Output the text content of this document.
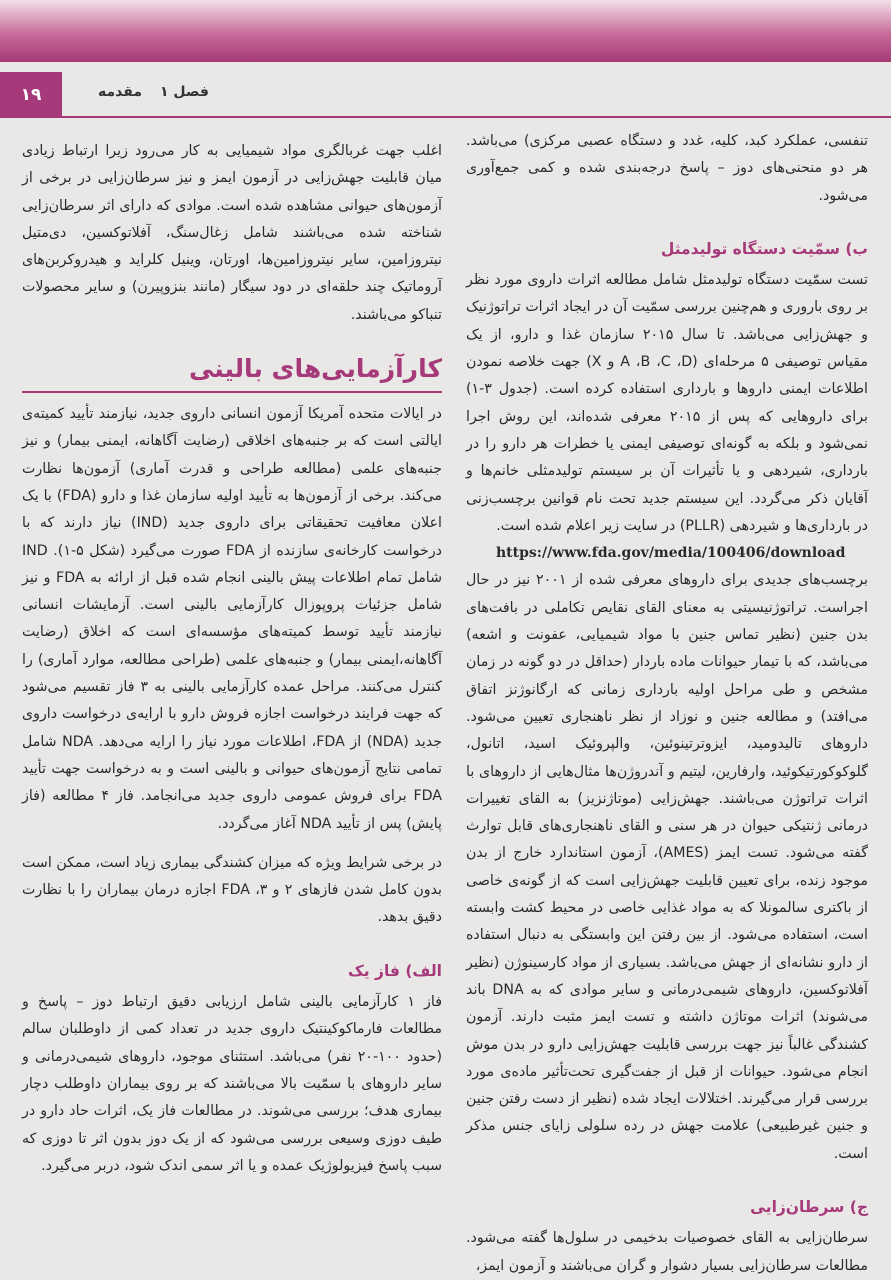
۱۹	فصل ۱مقدمه

تنفسی، عملکرد کبد، کلیه، غدد و دستگاه عصبی مرکزی) می‌باشد. هر دو منحنی‌های دوز – پاسخ درجه‌بندی شده و کمی جمع‌آوری می‌شود.

ب) سمّیت دستگاه تولیدمثل

تست سمّیت دستگاه تولیدمثل شامل مطالعه اثرات داروی مورد نظر بر روی باروری و هم‌چنین بررسی سمّیت آن در ایجاد اثرات تراتوژنیک و جهش‌زایی می‌باشد. تا سال ۲۰۱۵ سازمان غذا و دارو، از یک مقیاس توصیفی ۵ مرحله‌ای (A ،B ،C ،D و X) جهت خلاصه نمودن اطلاعات ایمنی داروها و بارداری استفاده کرده است. (جدول ۳-۱) برای داروهایی که پس از ۲۰۱۵ معرفی شده‌اند، این روش اجرا نمی‌شود و بلکه به گونه‌ای توصیفی ایمنی یا خطرات هر دارو را در بارداری، شیردهی و یا تأثیرات آن بر سیستم تولیدمثلی خانم‌ها و آقایان ذکر می‌گردد. این سیستم جدید تحت نام قوانین برچسب‌زنی در بارداری‌ها و شیردهی (PLLR) در سایت زیر اعلام شده است.

https://www.fda.gov/media/100406/download

برچسب‌های جدیدی برای داروهای معرفی شده از ۲۰۰۱ نیز در حال اجراست. تراتوژنیسیتی به معنای القای نقایص تکاملی در بافت‌های بدن جنین (نظیر تماس جنین با مواد شیمیایی، عفونت و اشعه) می‌باشد، که با تیمار حیوانات ماده باردار (حداقل در دو گونه در زمان مشخص و طی مراحل اولیه بارداری زمانی که ارگانوژنز اتفاق می‌افتد) و مطالعه جنین و نوزاد از نظر ناهنجاری تعیین می‌شود. داروهای تالیدومید، ایزوترتینوئین، والپروئیک اسید، اتانول، گلوکوکورتیکوئید، وارفارین، لیتیم و آندروژن‌ها مثال‌هایی از داروهای با اثرات تراتوژن می‌باشند. جهش‌زایی (موتاژنزیز) به القای تغییرات درمانی ژنتیکی حیوان در هر سنی و القای ناهنجاری‌های قابل توارث گفته می‌شود. تست ایمز (AMES)، آزمون استاندارد خارج از بدن موجود زنده، برای تعیین قابلیت جهش‌زایی است که از گونه‌ی خاصی از باکتری سالمونلا که به مواد غذایی خاصی در محیط کشت وابسته است، استفاده می‌شود. از بین رفتن این وابستگی به دنبال استفاده از دارو نشانه‌ای از جهش می‌باشد. بسیاری از مواد کارسینوژن (نظیر آفلاتوکسین، داروهای شیمی‌درمانی و سایر موادی که به DNA باند می‌شوند) اثرات موتاژن داشته و تست ایمز مثبت دارند. آزمون کشندگی غالباً نیز جهت بررسی قابلیت جهش‌زایی دارو در بدن موش انجام می‌شود. حیوانات از قبل از جفت‌گیری تحت‌تأثیر ماده‌ی مورد بررسی قرار می‌گیرند. اختلالات ایجاد شده (نظیر از دست رفتن جنین و جنین غیرطبیعی) علامت جهش در رده سلولی زایای جنس مذکر است.

ج) سرطان‌زایی

سرطان‌زایی به القای خصوصیات بدخیمی در سلول‌ها گفته می‌شود. مطالعات سرطان‌زایی بسیار دشوار و گران می‌باشند و آزمون ایمز،

اغلب جهت غربالگری مواد شیمیایی به کار می‌رود زیرا ارتباط زیادی میان قابلیت جهش‌زایی در آزمون ایمز و نیز سرطان‌زایی در برخی از آزمون‌های حیوانی مشاهده شده است. موادی که دارای اثر سرطان‌زایی شناخته شده می‌باشند شامل زغال‌سنگ، آفلاتوکسین، دی‌متیل نیتروزامین، سایر نیتروزامین‌ها، اورتان، وینیل کلراید و هیدروکربن‌های آروماتیک چند حلقه‌ای در دود سیگار (مانند بنزوپیرن) و سایر محصولات تنباکو می‌باشند.

کارآزمایی‌های بالینی

در ایالات متحده آمریکا آزمون انسانی داروی جدید، نیازمند تأیید کمیته‌ی ایالتی است که بر جنبه‌های اخلاقی (رضایت آگاهانه، ایمنی بیمار) و نیز جنبه‌های علمی (مطالعه طراحی و قدرت آماری) آزمون‌ها نظارت می‌کند. برخی از آزمون‌ها به تأیید اولیه سازمان غذا و دارو (FDA) با یک اعلان معافیت تحقیقاتی برای داروی جدید (IND) نیاز دارند که با درخواست کارخانه‌ی سازنده از FDA صورت می‌گیرد (شکل ۵-۱). IND شامل تمام اطلاعات پیش بالینی انجام شده قبل از ارائه به FDA و نیز شامل جزئیات پروپوزال کارآزمایی بالینی است. آزمایشات انسانی نیازمند تأیید توسط کمیته‌های مؤسسه‌ای است که اخلاق (رضایت آگاهانه،ایمنی بیمار) و جنبه‌های علمی (طراحی مطالعه، موارد آماری) را کنترل می‌کنند. مراحل عمده کارآزمایی بالینی به ۳ فاز تقسیم می‌شود که جهت فرایند درخواست اجازه فروش دارو با ارایه‌ی درخواست داروی جدید (NDA) از FDA، اطلاعات مورد نیاز را ارایه می‌دهد. NDA شامل تمامی نتایج آزمون‌های حیوانی و بالینی است و به درخواست جهت تأیید FDA برای فروش عمومی داروی جدید می‌انجامد. فاز ۴ مطالعه (فاز پایش) پس از تأیید NDA آغاز می‌گردد.

در برخی شرایط ویژه که میزان کشندگی بیماری زیاد است، ممکن است بدون کامل شدن فازهای ۲ و ۳، FDA اجازه درمان بیماران را با نظارت دقیق بدهد.

الف) فاز یک

فاز ۱ کارآزمایی بالینی شامل ارزیابی دقیق ارتباط دوز – پاسخ و مطالعات فارماکوکینتیک داروی جدید در تعداد کمی از داوطلبان سالم (حدود ۱۰۰-۲۰ نفر) می‌باشد. استثنای موجود، داروهای شیمی‌درمانی و سایر داروهای با سمّیت بالا می‌باشند که بر روی بیماران داوطلب دچار بیماری هدف؛ بررسی می‌شوند. در مطالعات فاز یک، اثرات حاد دارو در طیف دوزی وسیعی بررسی می‌شود که از یک دوز بدون اثر تا دوزی که سبب پاسخ فیزیولوژیک عمده و یا اثر سمی اندک شود، دربر می‌گیرد.
